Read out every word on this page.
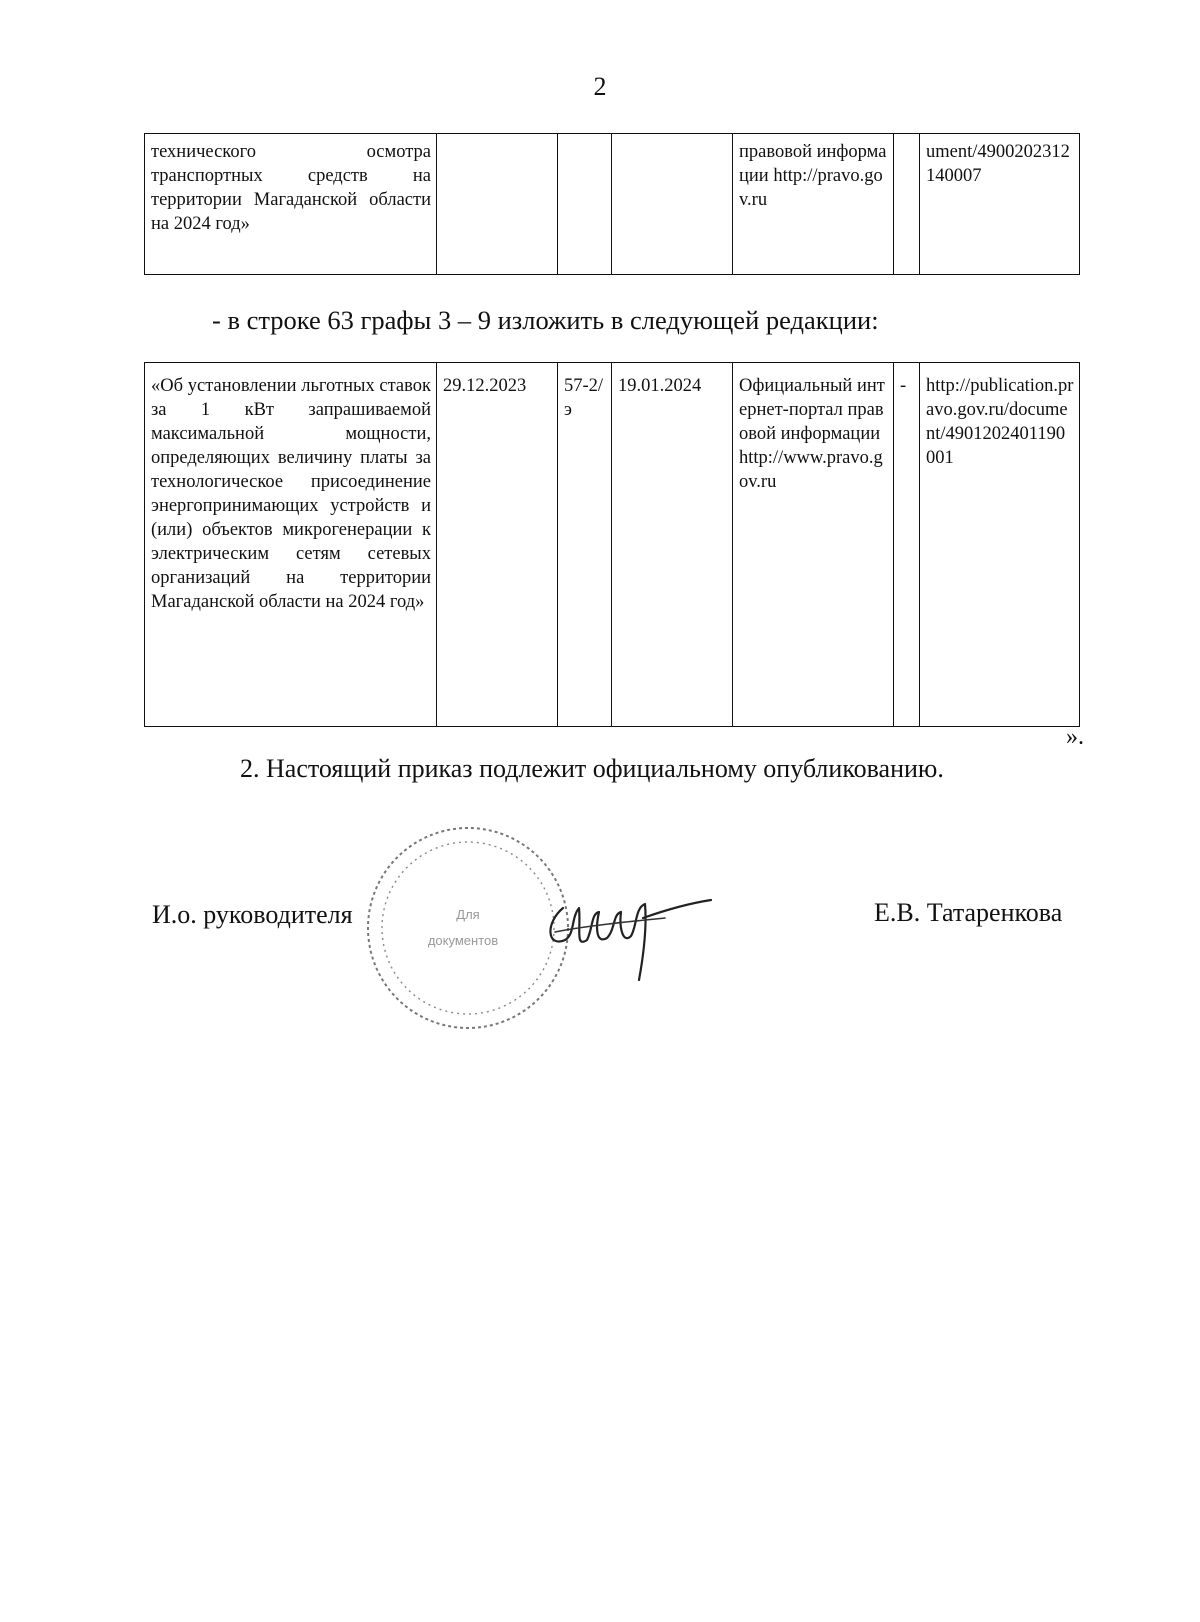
2
технического осмотра транспортных средств на территории Магаданской области на 2024 год»				правовой информации http://pravo.gov.ru		ument/4900202312140007
- в строке 63 графы 3 – 9 изложить в следующей редакции:
«Об установлении льготных ставок за 1 кВт запрашиваемой максимальной мощности, определяющих величину платы за технологическое присоединение энергопринимающих устройств и (или) объектов микрогенерации к электрическим сетям сетевых организаций на территории Магаданской области на 2024 год»	29.12.2023	57-2/э	19.01.2024	Официальный интернет-портал правовой информации http://www.pravo.gov.ru	-	http://publication.pravo.gov.ru/document/4901202401190001
».
2. Настоящий приказ подлежит официальному опубликованию.
Для
документов
И.о. руководителя	Е.В. Татаренкова
